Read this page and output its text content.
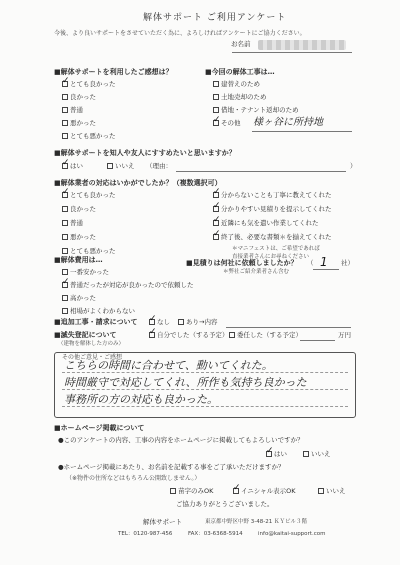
解体サポート ご利用アンケート
今後、より良いサポートをさせていただく為に、よろしければアンケートにご協力ください。
お名前
■解体サポートを利用したご感想は？
とても良かった
良かった
普通
悪かった
とても悪かった
✓
■今回の解体工事は…
建替えのため
土地売却のため
借地・テナント返却のため
その他
✓	様ヶ谷に所持地
■解体サポートを知人や友人にすすめたいと思いますか？
はい	いいえ （理由：	）
✓
■解体業者の対応はいかがでしたか？（複数選択可）
とても良かった
良かった
普通
悪かった
とても悪かった
✓	分からないことも丁寧に教えてくれた
分かりやすい見積りを提示してくれた
近隣にも気を遣い作業してくれた
終了後、必要な書類＊を揃えてくれた
✓
✓
✓
✓
＊マニフェストは、ご希望であれば
直接業者さんにお尋ねください
■解体費用は…
一番安かった
普通だったが対応が良かったので依頼した
高かった
相場がよくわからない
✓
■見積りは何社に依頼しましたか？
＊弊社ご紹介業者さん含む
（ 1 社）
■追加工事・請求について	なし	あり→内容
✓
■滅失登記について
（建物を解体した方のみ）
自分でした（する予定）	委任した（する予定）	万円
✓
その他ご意見・ご感想
こちらの時間に合わせて、動いてくれた。
時間厳守で対応してくれ、所作も気持ち良かった
事務所の方の対応も良かった。
■ホームページ掲載について
●このアンケートの内容、工事の内容をホームページに掲載してもよろしいですか？
はい	いいえ
✓
●ホームページ掲載にあたり、お名前を記載する事をご了承いただけますか？
（※物件の住所などはもちろん公開致しません。）
苗字のみOK	イニシャル表示OK	いいえ
✓
ご協力ありがとうございました。
解体サポート	東京都中野区中野 3-48-21 ＫＹビル３階
TEL：0120-987-456	FAX：03-6368-5914	info@kaitai-support.com
